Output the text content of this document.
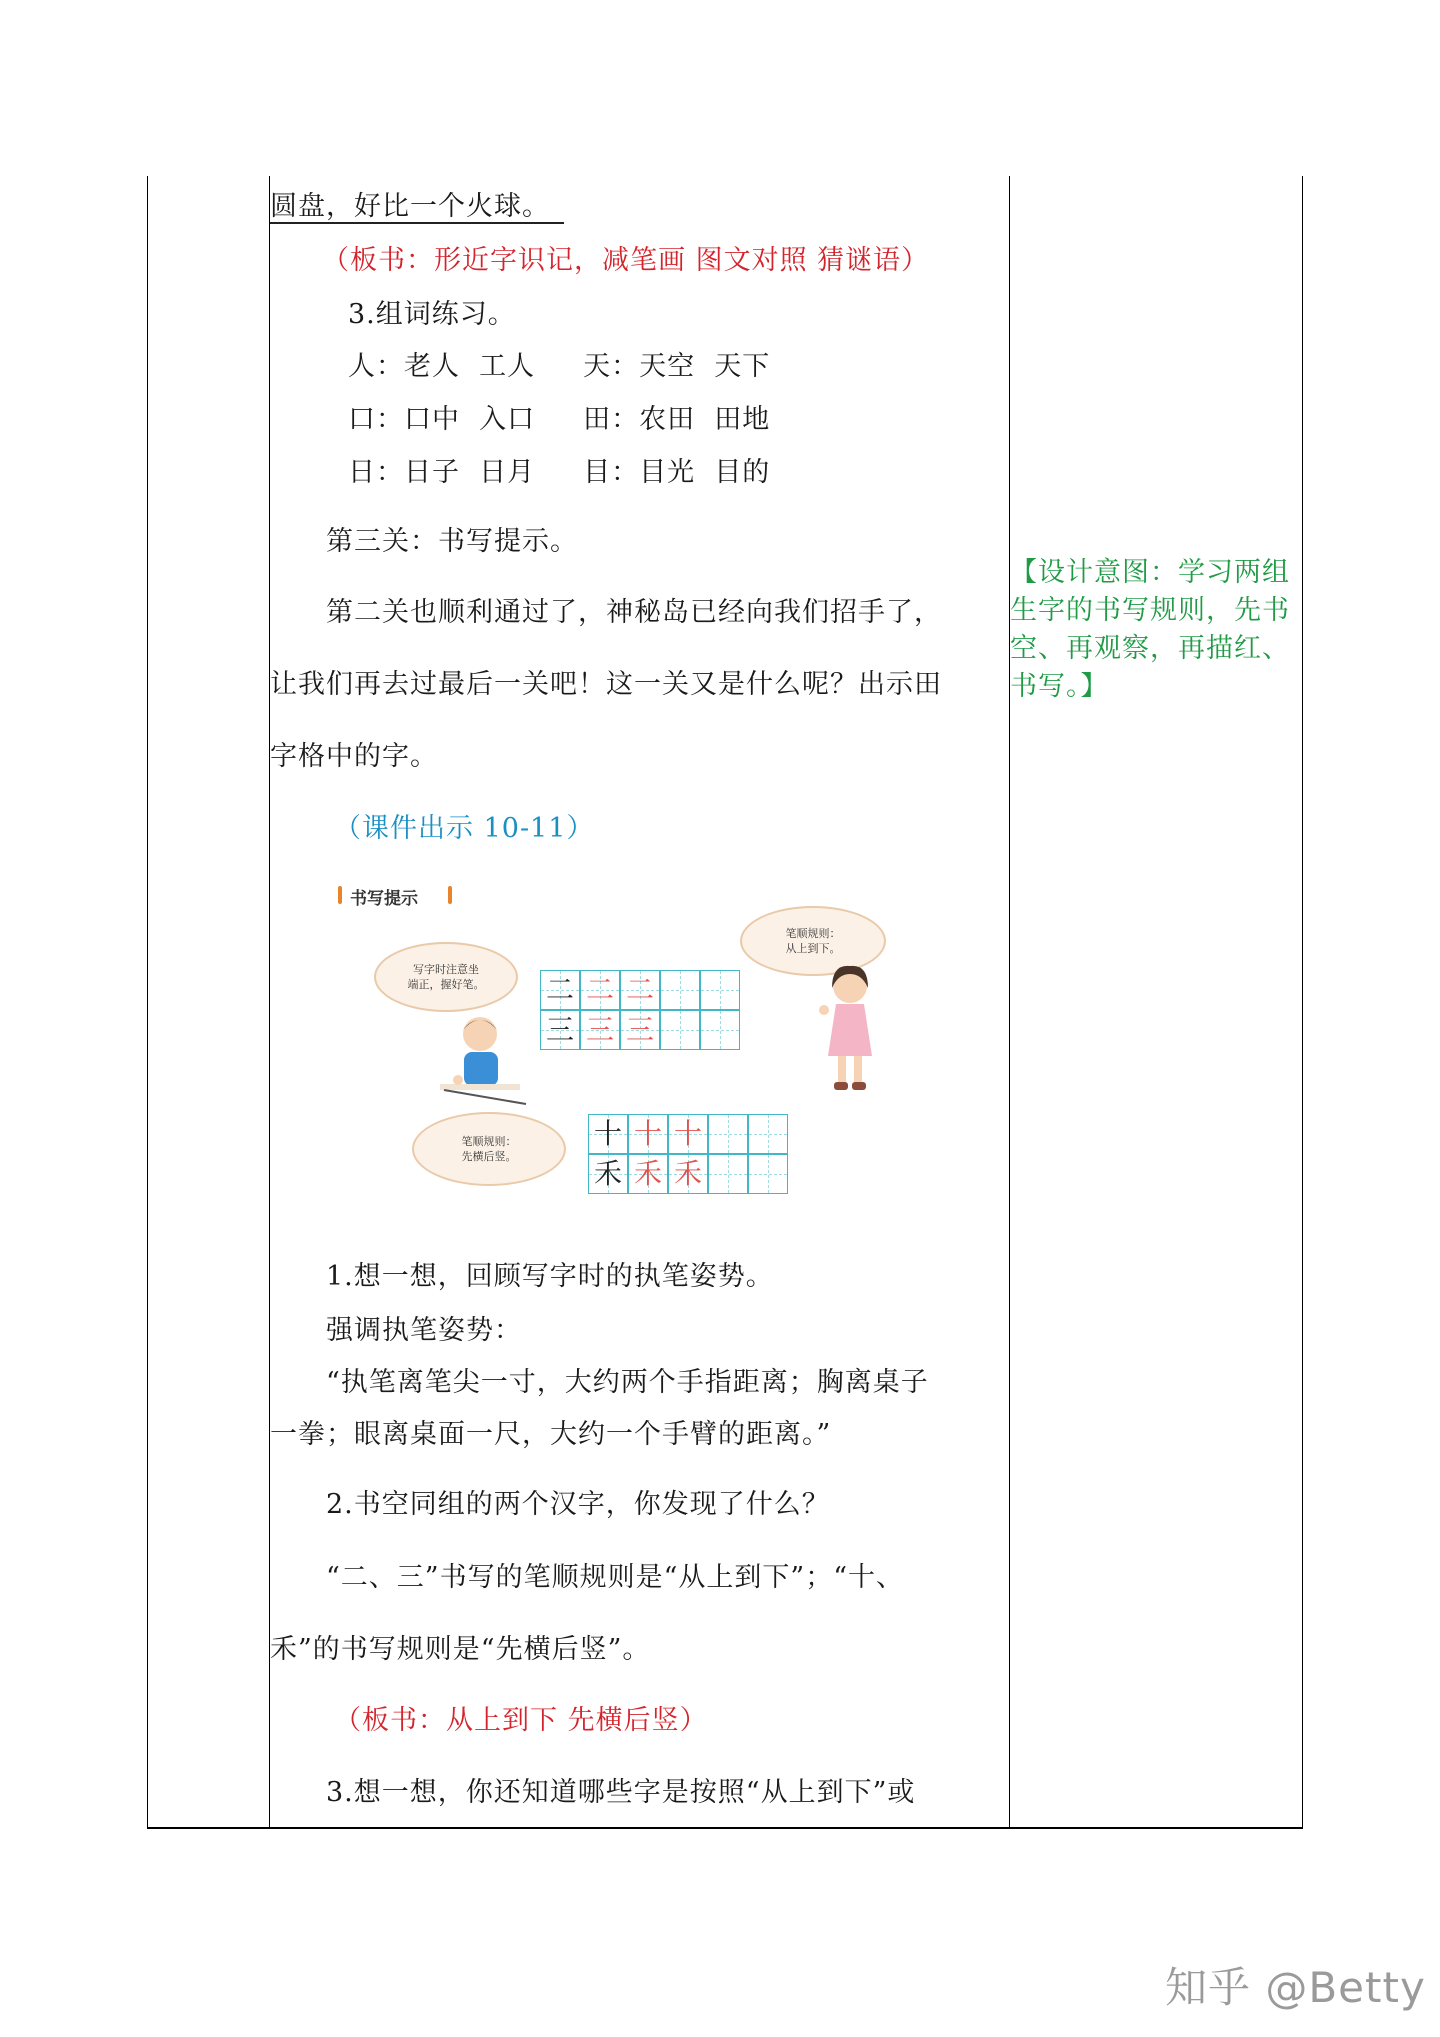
圆盘，好比一个火球。
（板书：形近字识记，减笔画 图文对照 猜谜语）
3.组词练习。
人：老人  工人     天：天空  天下
口：口中  入口     田：农田  田地
日：日子  日月     目：目光  目的
第三关：书写提示。
第二关也顺利通过了，神秘岛已经向我们招手了，
让我们再去过最后一关吧！这一关又是什么呢？出示田
字格中的字。
（课件出示 10-11）
1.想一想，回顾写字时的执笔姿势。
强调执笔姿势：
“执笔离笔尖一寸，大约两个手指距离；胸离桌子
一拳；眼离桌面一尺，大约一个手臂的距离。”
2.书空同组的两个汉字，你发现了什么？
“二、三”书写的笔顺规则是“从上到下”；“十、
禾”的书写规则是“先横后竖”。
（板书：从上到下 先横后竖）
3.想一想，你还知道哪些字是按照“从上到下”或
【设计意图：学习两组
生字的书写规则，先书
空、再观察，再描红、
书写。】
书写提示
写字时注意坐
端正，握好笔。
笔顺规则：
从上到下。
笔顺规则：
先横后竖。
二 二 二
三 三 三
十 十 十
禾 禾 禾
知乎 @Betty
